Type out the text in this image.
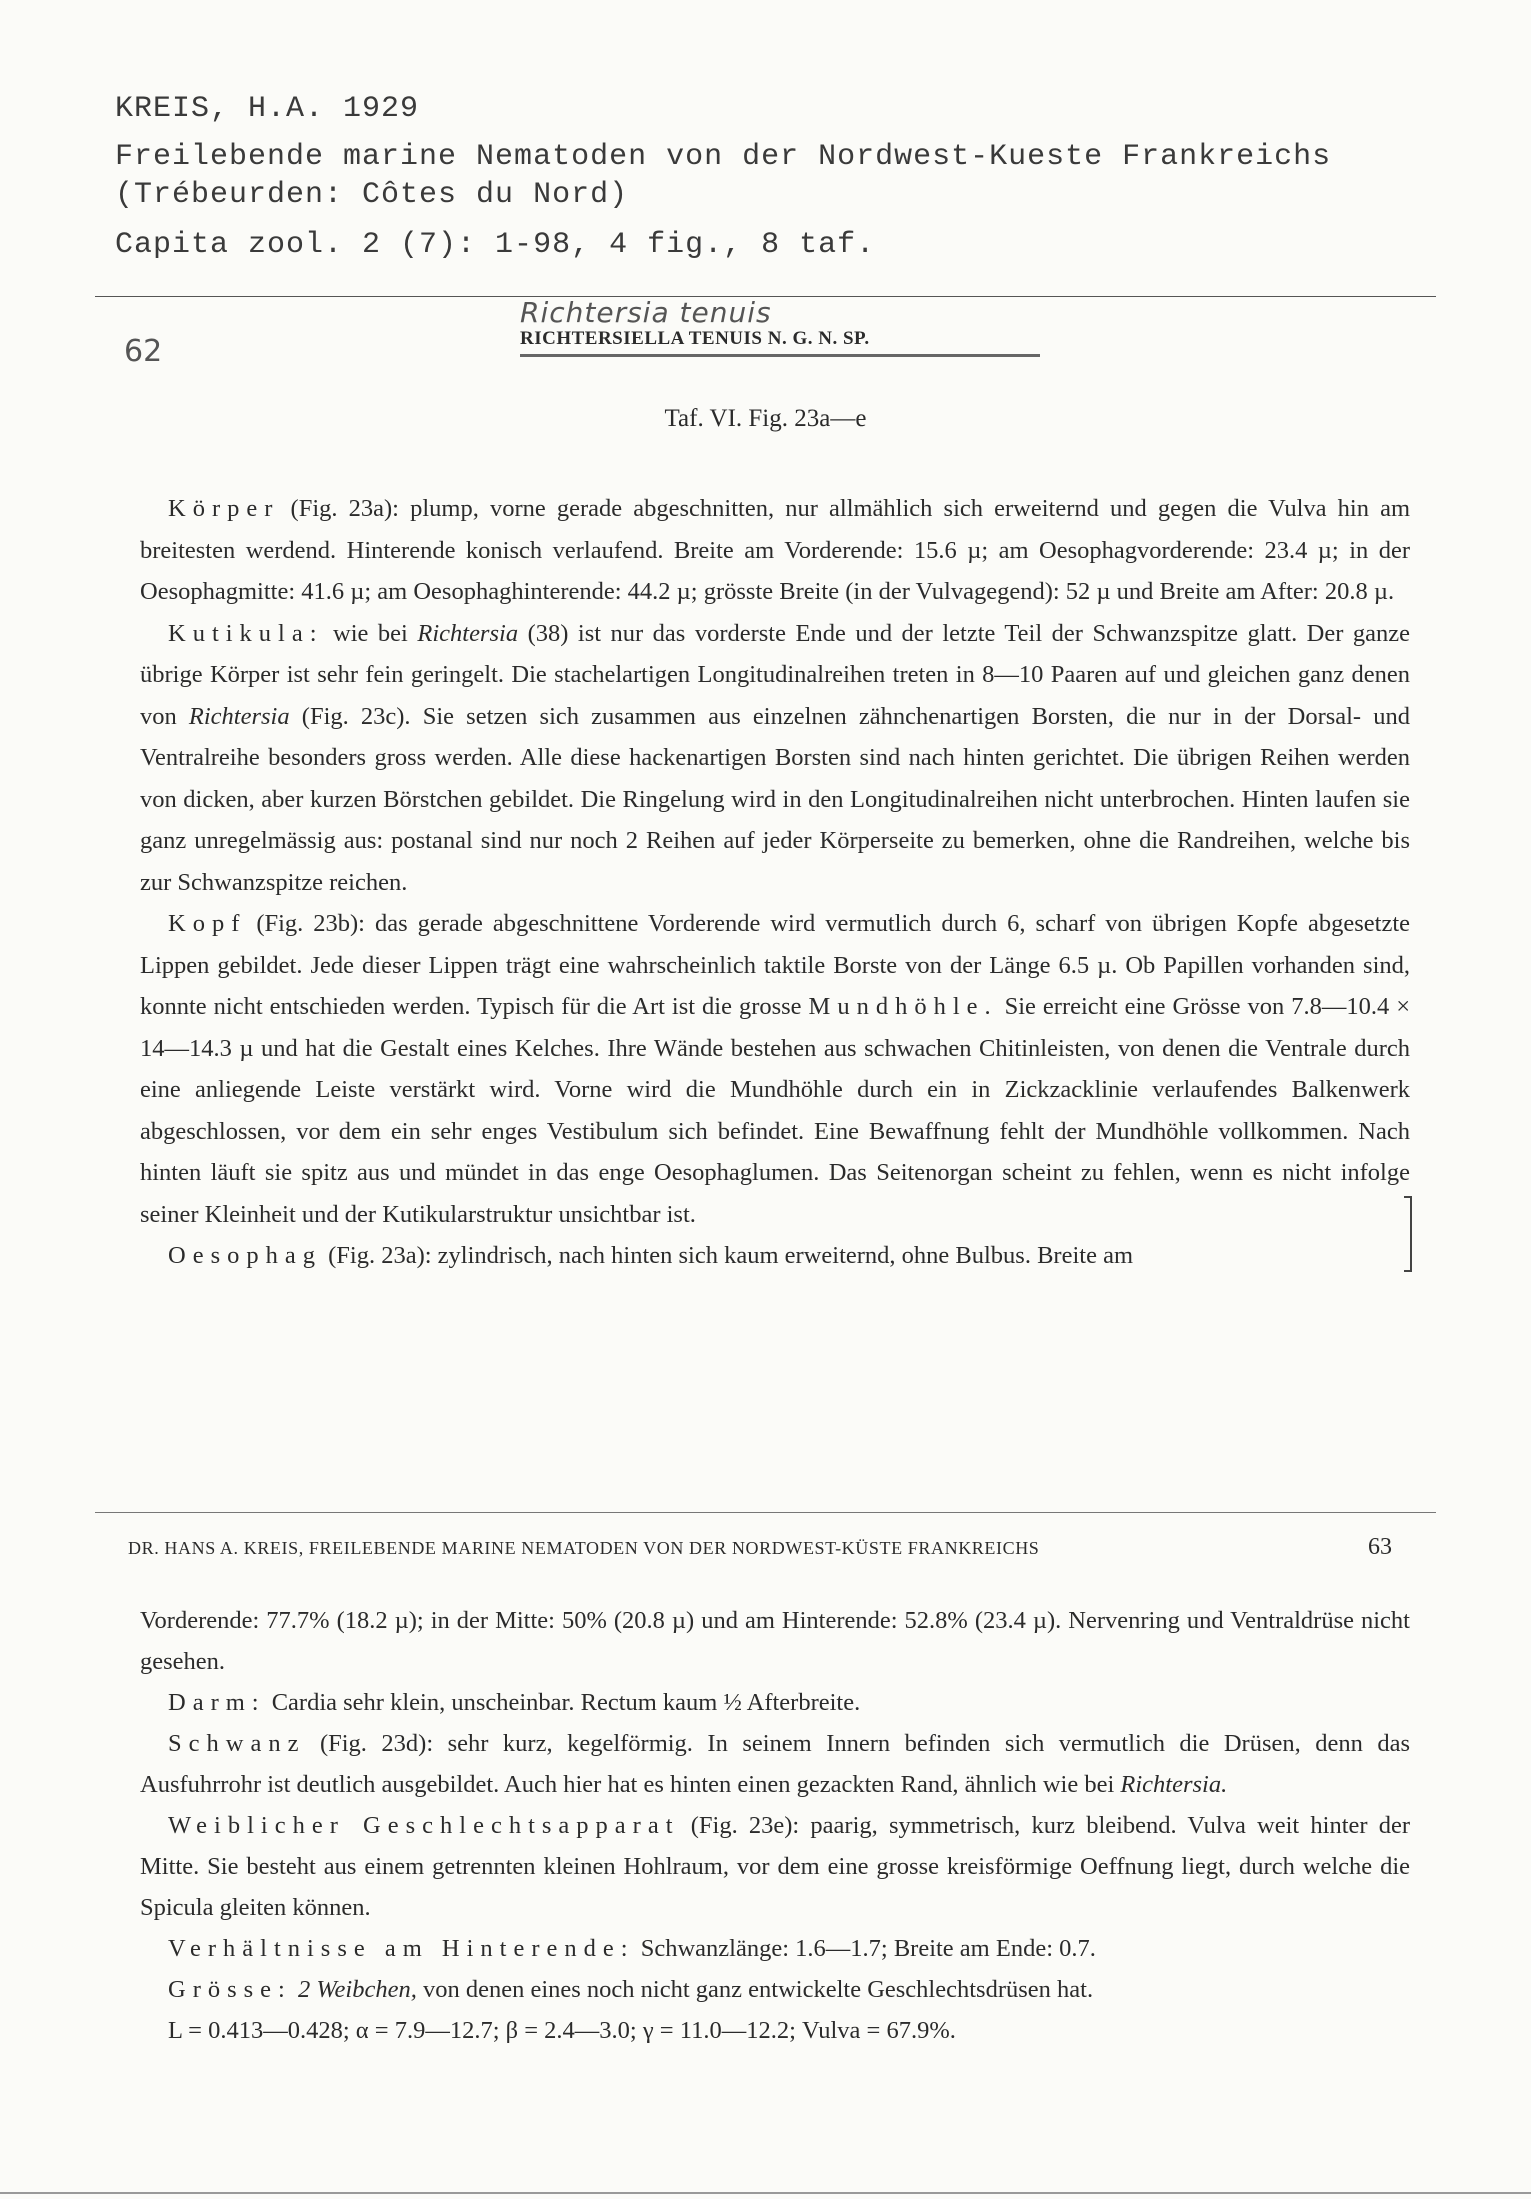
KREIS, H.A. 1929
Freilebende marine Nematoden von der Nordwest-Kueste Frankreichs
(Trébeurden: Côtes du Nord)
Capita zool. 2 (7): 1-98, 4 fig., 8 taf.
62
Richtersia tenuis
RICHTERSIELLA TENUIS N. G. N. SP.
Taf. VI. Fig. 23a—e
Körper (Fig. 23a): plump, vorne gerade abgeschnitten, nur allmählich sich erweiternd und gegen die Vulva hin am breitesten werdend. Hinterende konisch verlaufend. Breite am Vorderende: 15.6 µ; am Oesophagvorderende: 23.4 µ; in der Oesophagmitte: 41.6 µ; am Oesophaghinterende: 44.2 µ; grösste Breite (in der Vulvagegend): 52 µ und Breite am After: 20.8 µ.
Kutikula: wie bei Richtersia (38) ist nur das vorderste Ende und der letzte Teil der Schwanzspitze glatt. Der ganze übrige Körper ist sehr fein geringelt. Die stachelartigen Longitudinalreihen treten in 8—10 Paaren auf und gleichen ganz denen von Richtersia (Fig. 23c). Sie setzen sich zusammen aus einzelnen zähnchenartigen Borsten, die nur in der Dorsal- und Ventralreihe besonders gross werden. Alle diese hackenartigen Borsten sind nach hinten gerichtet. Die übrigen Reihen werden von dicken, aber kurzen Börstchen gebildet. Die Ringelung wird in den Longitudinalreihen nicht unterbrochen. Hinten laufen sie ganz unregelmässig aus: postanal sind nur noch 2 Reihen auf jeder Körperseite zu bemerken, ohne die Randreihen, welche bis zur Schwanzspitze reichen.
Kopf (Fig. 23b): das gerade abgeschnittene Vorderende wird vermutlich durch 6, scharf von übrigen Kopfe abgesetzte Lippen gebildet. Jede dieser Lippen trägt eine wahrscheinlich taktile Borste von der Länge 6.5 µ. Ob Papillen vorhanden sind, konnte nicht entschieden werden. Typisch für die Art ist die grosse Mundhöhle. Sie erreicht eine Grösse von 7.8—10.4 × 14—14.3 µ und hat die Gestalt eines Kelches. Ihre Wände bestehen aus schwachen Chitinleisten, von denen die Ventrale durch eine anliegende Leiste verstärkt wird. Vorne wird die Mundhöhle durch ein in Zickzacklinie verlaufendes Balkenwerk abgeschlossen, vor dem ein sehr enges Vestibulum sich befindet. Eine Bewaffnung fehlt der Mundhöhle vollkommen. Nach hinten läuft sie spitz aus und mündet in das enge Oesophaglumen. Das Seitenorgan scheint zu fehlen, wenn es nicht infolge seiner Kleinheit und der Kutikularstruktur unsichtbar ist.
Oesophag (Fig. 23a): zylindrisch, nach hinten sich kaum erweiternd, ohne Bulbus. Breite am
DR. HANS A. KREIS, FREILEBENDE MARINE NEMATODEN VON DER NORDWEST-KÜSTE FRANKREICHS	63
Vorderende: 77.7% (18.2 µ); in der Mitte: 50% (20.8 µ) und am Hinterende: 52.8% (23.4 µ). Nervenring und Ventraldrüse nicht gesehen.
Darm: Cardia sehr klein, unscheinbar. Rectum kaum ½ Afterbreite.
Schwanz (Fig. 23d): sehr kurz, kegelförmig. In seinem Innern befinden sich vermutlich die Drüsen, denn das Ausfuhrrohr ist deutlich ausgebildet. Auch hier hat es hinten einen gezackten Rand, ähnlich wie bei Richtersia.
Weiblicher Geschlechtsapparat (Fig. 23e): paarig, symmetrisch, kurz bleibend. Vulva weit hinter der Mitte. Sie besteht aus einem getrennten kleinen Hohlraum, vor dem eine grosse kreisförmige Oeffnung liegt, durch welche die Spicula gleiten können.
Verhältnisse am Hinterende: Schwanzlänge: 1.6—1.7; Breite am Ende: 0.7.
Grösse: 2 Weibchen, von denen eines noch nicht ganz entwickelte Geschlechtsdrüsen hat.
L = 0.413—0.428; α = 7.9—12.7; β = 2.4—3.0; γ = 11.0—12.2; Vulva = 67.9%.
